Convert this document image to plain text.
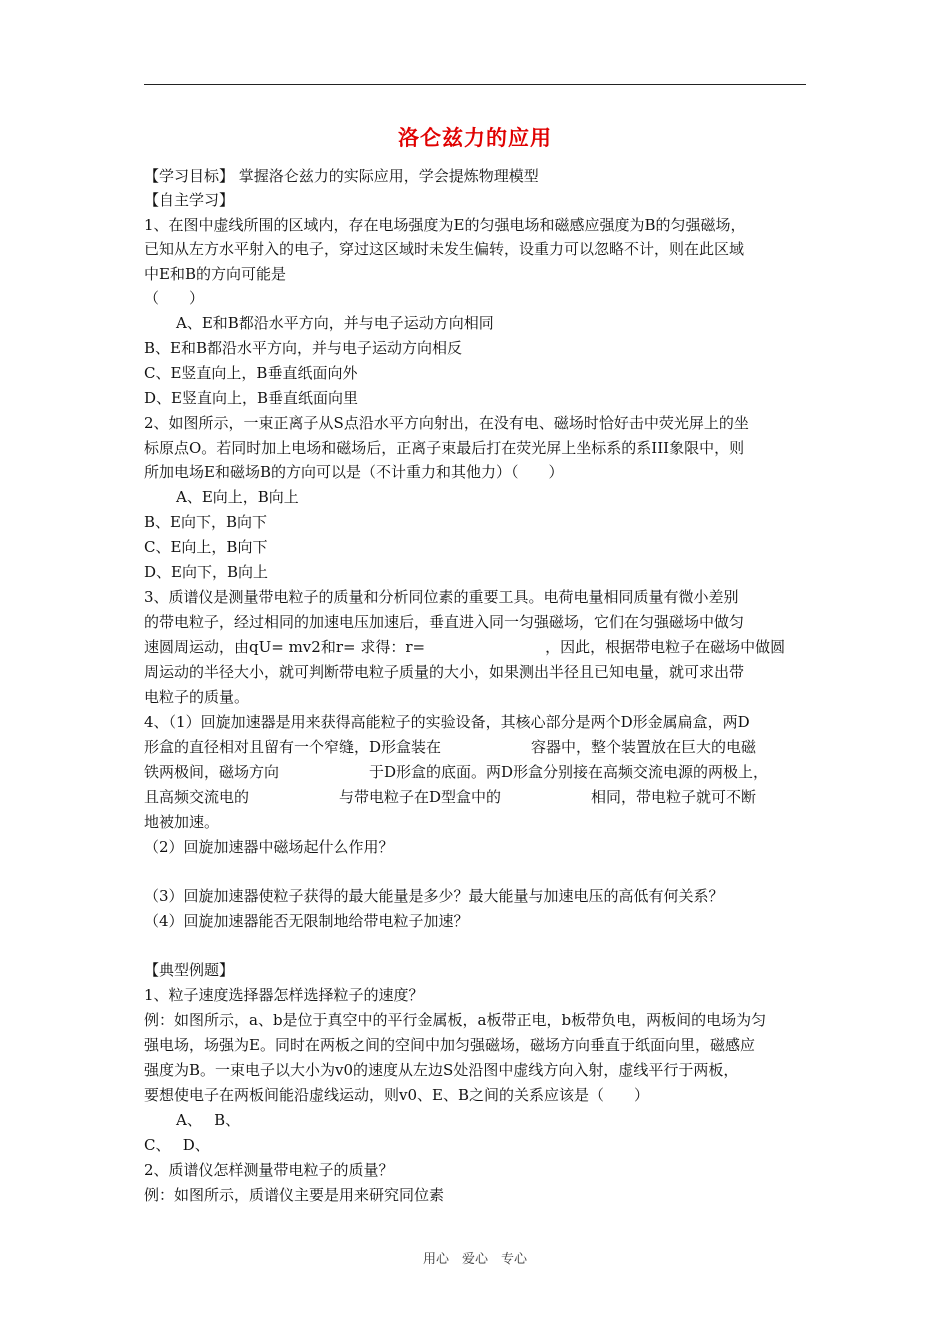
洛仑兹力的应用
【学习目标】 掌握洛仑兹力的实际应用，学会提炼物理模型
【自主学习】
1、在图中虚线所围的区域内，存在电场强度为E的匀强电场和磁感应强度为B的匀强磁场，
已知从左方水平射入的电子，穿过这区域时未发生偏转，设重力可以忽略不计，则在此区域
中E和B的方向可能是
（　　）
A、E和B都沿水平方向，并与电子运动方向相同
B、E和B都沿水平方向，并与电子运动方向相反
C、E竖直向上，B垂直纸面向外
D、E竖直向上，B垂直纸面向里
2、如图所示，一束正离子从S点沿水平方向射出，在没有电、磁场时恰好击中荧光屏上的坐
标原点O。若同时加上电场和磁场后，正离子束最后打在荧光屏上坐标系的系III象限中，则
所加电场E和磁场B的方向可以是（不计重力和其他力）（　　）
A、E向上，B向上
B、E向下，B向下
C、E向上，B向下
D、E向下，B向上
3、质谱仪是测量带电粒子的质量和分析同位素的重要工具。电荷电量相同质量有微小差别
的带电粒子，经过相同的加速电压加速后，垂直进入同一匀强磁场，它们在匀强磁场中做匀
速圆周运动，由qU= mv2和r= 求得：r=　　　　　　　　，因此，根据带电粒子在磁场中做圆
周运动的半径大小，就可判断带电粒子质量的大小，如果测出半径且已知电量，就可求出带
电粒子的质量。
4、（1）回旋加速器是用来获得高能粒子的实验设备，其核心部分是两个D形金属扁盒，两D
形盒的直径相对且留有一个窄缝，D形盒装在　　　　　　容器中，整个装置放在巨大的电磁
铁两极间，磁场方向　　　　　　于D形盒的底面。两D形盒分别接在高频交流电源的两极上，
且高频交流电的　　　　　　与带电粒子在D型盒中的　　　　　　相同，带电粒子就可不断
地被加速。
（2）回旋加速器中磁场起什么作用？
（3）回旋加速器使粒子获得的最大能量是多少？最大能量与加速电压的高低有何关系？
（4）回旋加速器能否无限制地给带电粒子加速？
【典型例题】
1、粒子速度选择器怎样选择粒子的速度？
例：如图所示，a、b是位于真空中的平行金属板，a板带正电，b板带负电，两板间的电场为匀
强电场，场强为E。同时在两板之间的空间中加匀强磁场，磁场方向垂直于纸面向里，磁感应
强度为B。一束电子以大小为v0的速度从左边S处沿图中虚线方向入射，虚线平行于两板，
要想使电子在两板间能沿虚线运动，则v0、E、B之间的关系应该是（　　）
A、　 B、
C、　 D、
2、质谱仪怎样测量带电粒子的质量？
例：如图所示，质谱仪主要是用来研究同位素
用心　爱心　专心
